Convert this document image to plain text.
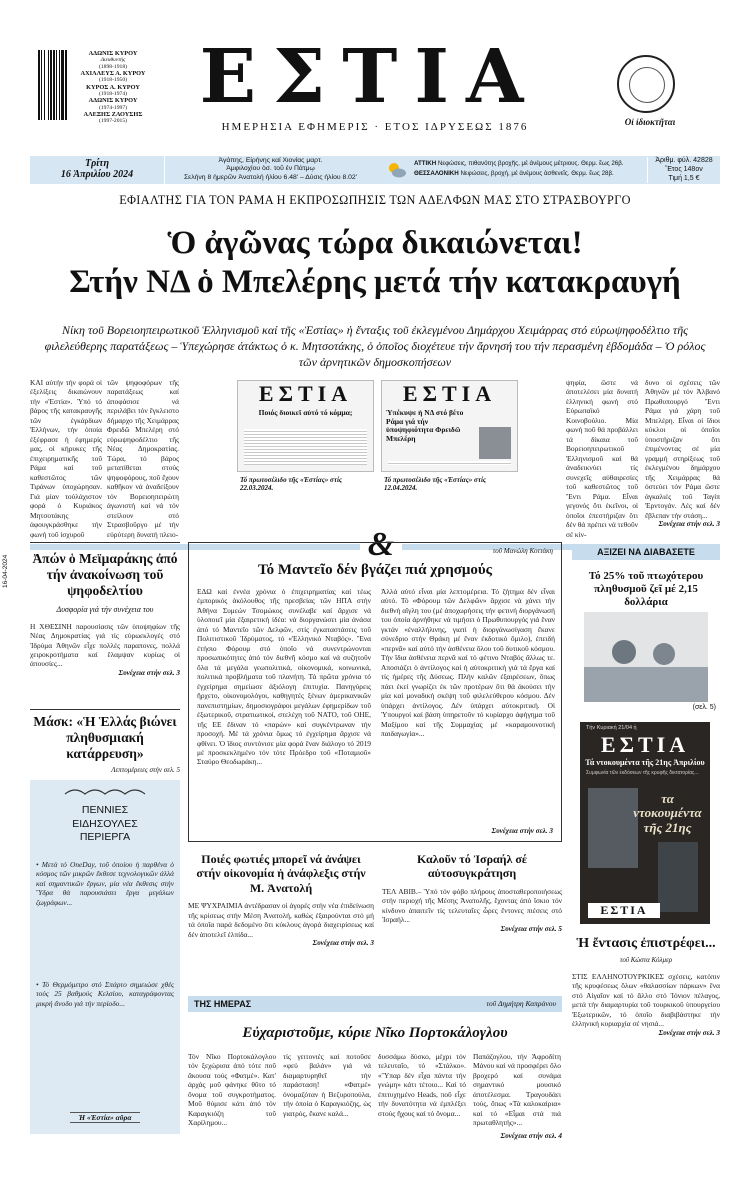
ΑΔΩΝΙΣ ΚΥΡΟΥ
Διευθυντής
(1898-1918)
ΑΧΙΛΛΕΥΣ Α. ΚΥΡΟΥ
(1918-1950)
ΚΥΡΟΣ Α. ΚΥΡΟΥ
(1918-1974)
ΑΔΩΝΙΣ ΚΥΡΟΥ
(1974-1997)
ΑΛΕΞΗΣ ΖΑΟΥΣΗΣ
(1997-2015)
ΕΣΤΙΑ
ΗΜΕΡΗΣΙΑ ΕΦΗΜΕΡΙΣ · ΕΤΟΣ ΙΔΡΥΣΕΩΣ 1876	Οἱ ἰδιοκτῆται
Τρίτη
16 Ἀπριλίου 2024
Ἀγάπης, Εἰρήνης καί Χιονίας μαρτ.
Ἀμφιλοχίου ὁσ. τοῦ ἐν Πάτμῳ
Σελήνη 8 ἡμερῶν Ἀνατολή ἡλίου 6.48' – Δύσις ἡλίου 8.02'
ΑΤΤΙΚΗ Νεφώσεις, πιθανότης βροχῆς, μέ ἀνέμους μέτριους. Θερμ. ἕως 26β.
ΘΕΣΣΑΛΟΝΙΚΗ Νεφώσεις, βροχή, μέ ἀνέμους ἀσθενεῖς. Θερμ. ἕως 28β.
Ἀριθμ. φύλ. 42828
Ἔτος 148ον
Τιμή 1,5 €
ΕΦΙΑΛΤΗΣ ΓΙΑ ΤΟΝ ΡΑΜΑ Η ΕΚΠΡΟΣΩΠΗΣΙΣ ΤΩΝ ΑΔΕΛΦΩΝ ΜΑΣ ΣΤΟ ΣΤΡΑΣΒΟΥΡΓΟ
Ὁ ἀγῶνας τώρα δικαιώνεται!
Στήν ΝΔ ὁ Μπελέρης μετά τήν κατακραυγή
Νίκη τοῦ Βορειοηπειρωτικοῦ Ἑλληνισμοῦ καί τῆς «Ἑστίας» ἡ ἔνταξις τοῦ ἐκλεγμένου Δημάρχου Χειμάρρας στό εὐρωψηφοδέλτιο τῆς φιλελεύθερης παρατάξεως – Ὑπεχώρησε ἀτάκτως ὁ κ. Μητσοτάκης, ὁ ὁποῖος διοχέτευε τήν ἄρνησή του τήν περασμένη ἑβδομάδα – Ὁ ρόλος τῶν ἀρνητικῶν δημοσκοπήσεων

ΚΑΙ αὐτήν τήν φορά οἱ ἐξελίξεις δικαιώνουν τήν «Ἑστία». Ὑπό τό βάρος τῆς κατακραυγῆς τῶν ἐγκάρδιων Ἑλλήνων, τήν ὁποία ἐξέφρασε ἡ ἐφημερίς μας, οἱ κήρυκες τῆς ἐπιχειρηματικῆς τοῦ Ράμα καί τοῦ καθεστῶτος τῶν Τιράνων ὑποχώρησαν. Γιά μίαν τοὐλάχιστον φορά ὁ Κυριάκος Μητσοτάκης ἀφουγκράσθηκε τήν φωνή τοῦ ἰσχυροῦ

τῶν ψηφοφόρων τῆς παρατάξεως καί ἀποφάσισε νά περιλάβει τόν ἔγκλειστο δήμαρχο τῆς Χειμάρρας Φρειδῶ Μπελέρη στό εὐρωψηφοδέλτιο τῆς Νέας Δημοκρατίας. Τώρα, τό βάρος μετατίθεται στούς ψηφοφόρους, ποῦ ἔχουν καθῆκον νά ἀναδείξουν τόν Βορειοηπειρώτη ἀγωνιστή καί νά τόν στείλουν στό Στρασβοῦργο μέ τήν εὐρύτερη δυνατή πλειο-

ΕΣΤΙΑ
Ποιός διοικεῖ αὐτό τό κόμμα;
Τό πρωτοσέλιδο τῆς «Ἑστίας» στίς 22.03.2024.
ΕΣΤΙΑ
Ὑπέκυψε ἡ ΝΔ στό βέτο Ράμα γιά τήν ὑποψηφιότητα Φρειδῶ Μπελέρη
Τό πρωτοσέλιδο τῆς «Ἑστίας» στίς 12.04.2024.

ψηφία, ὥστε νά ἀποτελέσει μία δυνατή ἑλληνική φωνή στό Εὐρωπαϊκό Κοινοβούλιο. Μία φωνή ποῦ θά προβάλλει τά δίκαια τοῦ Βορειοηπειρωτικοῦ Ἑλληνισμοῦ καί θά ἀναδεικνύει τίς συνεχεῖς αὐθαιρεσίες τοῦ καθεστῶτος τοῦ Ἔντι Ράμα. Εἶναι γεγονός ὅτι ἐκεῖνοι, οἱ ὁποῖοι ἐπεστήριζαν ὅτι δέν θά πρέπει νά τεθοῦν σέ κίν-

δυνο οἱ σχέσεις τῶν Ἀθηνῶν μέ τόν Ἀλβανό Πρωθυπουργό Ἔντι Ράμα γιά χάρη τοῦ Μπελέρη. Εἶναι οἱ ἴδιοι κύκλοι οἱ ὁποῖοι ὑποστήριζαν ὅτι ἐπιμένοντας σέ μία γραμμή στηρίξεως τοῦ ἐκλεγμένου δημάρχου τῆς Χειμάρρας θά ὀστεύει τόν Ράμα ὥστε ἀγκαλιές τοῦ Ταγίπ Ἐρντογάν. Λές καί δέν ἔβλεπαν τήν στάση...

Συνέχεια στήν σελ. 3
16-04-2024
&
Ἀπών ὁ Μεϊμαράκης ἀπό τήν ἀνακοίνωση τοῦ ψηφοδελτίου
Δυσφορία γιά τήν συνέχεια του

Η ΧΘΕΣΙΝΗ παρουσίασις τῶν ὑποψηφίων τῆς Νέας Δημοκρατίας γιά τίς εὐρωεκλογές στό Ἰδρύμα Ἀθηνῶν εἶχε πολλές παραπονες, πολλά χειροκροτήματα καί ἔλαμψαν κυρίως οἱ ἀπουσίες...

Συνέχεια στήν σελ. 3
Μάσκ: «Ἡ Ἑλλάς βιώνει πληθυσμιακή κατάρρευση»
Λεπτομέρειες στήν σελ. 5
ΠΕΝΝΙΕΣ ΕΙΔΗΣΟΥΛΕΣ ΠΕΡΙΕΡΓΑ

• Μετά τό OneDay, τοῦ ὁποίου ἡ παρθένα ὁ κόσμος τῶν μικρῶν ἔκθεσε τεχνολογικῶν ἀλλά καί σημαντικῶν ἔργων, μία νέα ἔκθεσις στήν Ὕδρα θά παρουσιάσει ἔργα μεγάλων ζωγράφων...

• Τό Θερμόμετρο στό Σπάρτο σημειώσε χθές τούς 25 βαθμούς Κελσίου, καταγράφοντας μικρή ἄνοδο γιά τήν περίοδο...

Ἡ «Ἑστία» αὔρα
τοῦ Μανώλη Κοττάκη
Τό Μαντεῖο δέν βγάζει πιά χρησμούς

ΕΔΩ καί ἐννέα χρόνια ὁ ἐπιχειρηματίας καί τέως ἐμπορικός ἀκόλουθος τῆς πρεσβείας τῶν ΗΠΑ στήν Ἀθήνα Συμεών Τσομώκος συνέλαβε καί ἄρχισε νά ὑλοποιεῖ μία ἐξαιρετική ἰδέα: νά διοργανώσει μία ἀνάσα ἀπό τό Μαντεῖο τῶν Δελφῶν, στίς ἐγκαταστάσεις τοῦ Πολιτιστικοῦ Ἰδρύματος, τό «Ἑλληνικό Νταβός». Ἕνα ἐτήσιο Φόρουμ στό ὁποῖο νά συνεντρώνονται προσωπικότητες ἀπό τόν διεθνῆ κόσμο καί νά συζητοῦν ὅλα τά μεγάλα γεωπολιτικά, οἰκονομικά, κοινωνικά, πολιτικά προβλήματα τοῦ πλανήτη. Τά πρῶτα χρόνια τό ἐγχείρημα σημείωσε ἀξιόλογη ἐπιτυχία. Πανηγύρεις ἤρχετο, οἰκονομολόγοι, καθηγητές ξένων ἀμερικανικῶν πανεπιστημίων, δημοσιογράφοι μεγάλων ἐφημερίδων τοῦ ἐξωτερικοῦ, στρατιωτικοί, στελέχη τοῦ ΝΑΤΟ, τοῦ ΟΗΕ, τῆς ΕΕ ἔδιναν τό «παρών» καί συγκέντρωναν τήν προσοχή. Μέ τά χρόνια ὅμως τό ἐγχείρημα ἄρχισε νά φθίνει. Ὁ ἴδιος συντόνισε μία φορά ἕναν διάλογο τό 2019 μέ προσκεκλημένο τόν τότε Πρόεδρο τοῦ «Ποταμιοῦ» Σταύρο Θεοδωράκη...

Ἀλλά αὐτό εἶναι μία λεπτομέρεια. Τό ζήτημα δέν εἶναι αὐτό. Τό «Φόρουμ τῶν Δελφῶν» ἄρχισε νά χάνει τήν διεθνή αἴγλη του (μέ ἀποχωρήσεις τήν φετινή διοργάνωσή του ὁποία ἀρνήθηκε νά τιμήσει ὁ Πρωθυπουργός γιά ἕναν γκτάν «ἐναλλήλινης, γιατί ἡ διοργάνωσίγαση ἔκανε σύνεδριο στήν Θράκη μέ ἕναν ἐκδοτικό ὅμιλο), ἐπειδή «περνᾶ» καί αὐτό τήν ἀσθένεια ὅλου τοῦ δυτικοῦ κόσμου. Τήν ἴδια ἀσθένεια περνᾶ καί τό φέτινο Νταβός ἄλλως τε. Αποσιάζει ὁ ἀντίλογος καί ἡ αὐτοκριτική γιά τά ἔργα καί τίς ἡμέρες τῆς Δύσεως. Πλήν καλῶν ἐξαιρέσεων, ὅπως πάει ἐκεί γνωρίζει ἐκ τῶν προτέρων ὅτι θά ἀκούσει τήν μία καί μοναδική σκέψη τοῦ φιλελεύθερου κόσμου. Δέν ὑπάρχει ἀντίλογος. Δέν ὑπάρχει αὐτοκριτική. Οἱ Ὑπουργοί καί βάση ὑπηρετοῦν τό κυρίαρχο ἀφήγημα τοῦ Μαξίμου καί τῆς Συμμαχίας μέ «καραμουνοτική παιδαγωγία»...

Συνέχεια στήν σελ. 3
Ποιές φωτιές μπορεῖ νά ἀνάψει στήν οἰκονομία ἡ ἀνάφλεξις στήν Μ. Ἀνατολή

ΜΕ ΨΥΧΡΑΙΜΙΑ ἀντέδρασαν οἱ ἀγορές στήν νέα ἐπιδείνωση τῆς κρίσεως στήν Μέση Ἀνατολή, καθώς ἐξαιρούνται στό μή τά ὁποῖα παρά δεδομένο ὅτι κύκλους ἀγορά διαχειρίσεως καί δέν ἀποτελεῖ ἐλπίδα...

Συνέχεια στήν σελ. 3
Καλοῦν τό Ἰσραήλ σέ αὐτοσυγκράτηση

ΤΕΛ ΑΒΙΒ.– Ὑπό τόν φόβο πλήρους ἀποσταθεροποιήσεως στήν περιοχή τῆς Μέσης Ἀνατολῆς, ἔχοντας ἀπό ἴσκιο τόν κίνδυνο ἀπαιτεῖν τίς τελευταῖες ὧρες ἔντονες πιέσεις στό Ἰσραήλ...

Συνέχεια στήν σελ. 5
ΑΞΙΖΕΙ ΝΑ ΔΙΑΒΑΣΕΤΕ
Τό 25% τοῦ πτωχότερου πληθυσμοῦ ζεῖ μέ 2,15 δολλάρια
(σελ. 5)
Τήν Κυριακή 21/04 ἡ
ΕΣΤΙΑ
Τά ντοκουμέντα τῆς 21ης Ἀπριλίου
Συμφωνία τῶν ἐκδόσεων τῆς κρυφῆς δικτατορίας...
τα ντοκουμέντα τῆς 21ης
ΕΣΤΙΑ
Ἡ ἔντασις ἐπιστρέφει...
τοῦ Κώστα Κόλμερ

ΣΤΙΣ ΕΛΛΗΝΟΤΟΥΡΚΙΚΕΣ σχέσεις, κατόπιν τῆς κρυφέσεως ὅλων «θαλασσίων πάρκων» ἕνα στό Αἰγαῖον καί τό ἄλλο στό Ἰόνιον πέλαγος, μετά τήν διαμαρτυρία τοῦ τουρκικοῦ ὑπουργείου Ἐξωτερικῶν, τό ὁποῖο διαβιβάστηκε τήν ἑλληνική κυριαρχία σέ νησιά...

Συνέχεια στήν σελ. 3
ΤΗΣ ΗΜΕΡΑΣ	τοῦ Δημήτρη Καπράνου
Εὐχαριστοῦμε, κύριε Νῖκο Πορτοκάλογλου

Τόν Νῖκο Πορτοκάλογλου τόν ξεχώρισα ἀπό τότε ποῦ ἄκουσα τούς «Φατμέ». Κατ' ἀρχάς μοῦ φάνηκε θῦτο τό ὄνομα τοῦ συγκροτήματος. Μοῦ θύμισε κάτι ἀπό τόν Καραγκιόζη τοῦ Χαρίλημου...

τίς γειτονιές καί ποτοῦσε «φεύ βαλάν» γιά νά διαμαρτυρηθεῖ τήν παράσταση! «Φατμέ» ὀνομαζόταν ἡ Βεζυροπούλα, τήν ὁποία ὁ Καραγκιόζης, ὡς γιατρός, ἔκανε καλά...

δυσσάμω δύσκο, μέχρι τόν τελευταῖο, τό «Στάλκο». «Ὕπαρ δέν εἶχα πάντα τήν γνώμη» κάτι τέτοιο... Καί τό ἐπιτυχημένο Heads, ποῦ εἶχε τήν δυνατότητα νά ἐμπλέξει στούς ἤχους καί τό ὄνομα...

Παπάζογλου, τήν Ἀφροδίτη Μάνου καί νά προσφέρει ὅλο βροχερό καί συνάμα σημαντικό μουσικό ἀποτέλεσμα. Τραγουδάει τούς, ὅπως «Τά καλοκαίρια» καί τό «Εἶμαι στά πιά πρωταθλητής»...

Συνέχεια στήν σελ. 4
